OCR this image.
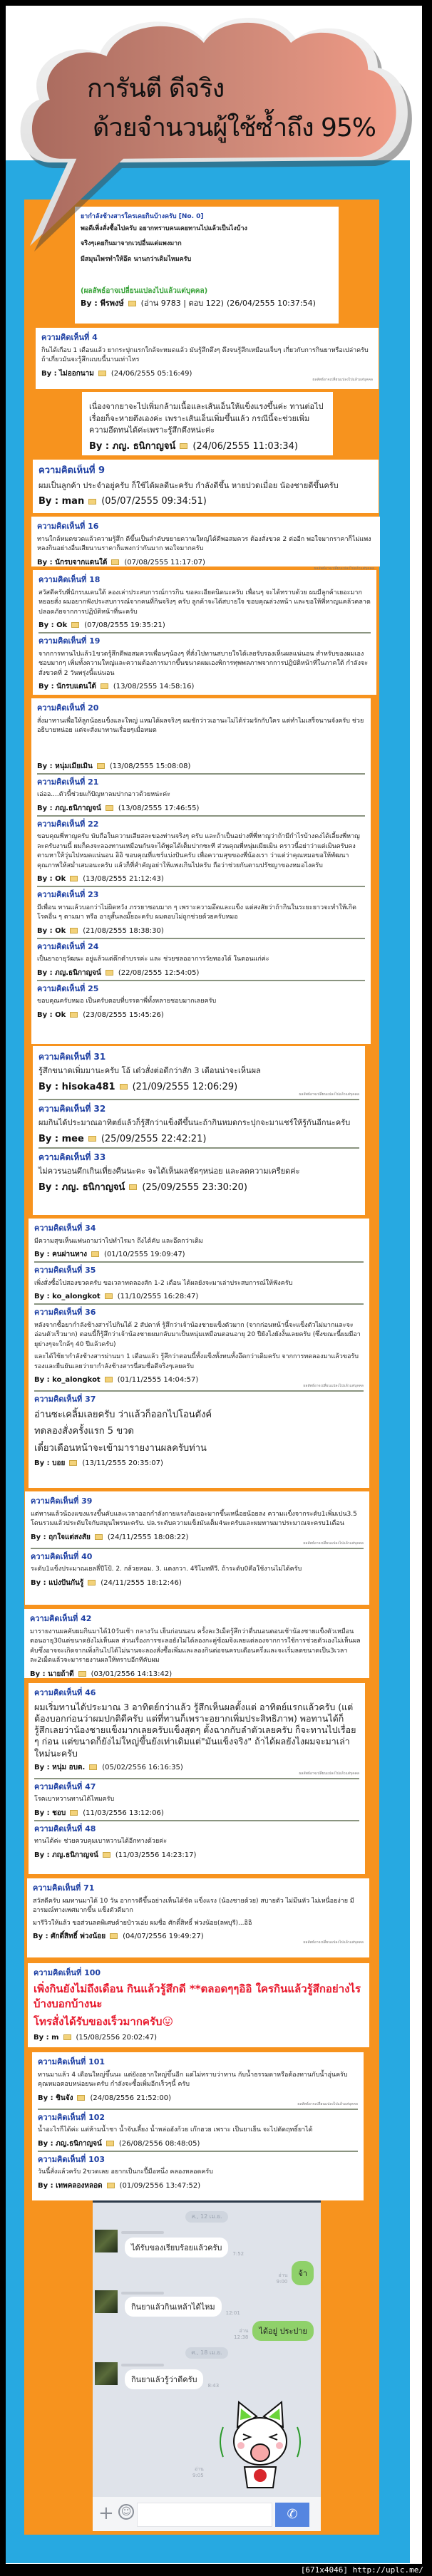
ยากำลังช้างสารใครเคยกินบ้างครับ [No. 0]

พอดีเพิ่งสั่งซื้อไปครับ อยากทราบคนเคยทานไปแล้วเป็นไงบ้าง

จริงๆเคยกินมาจากเวปอื่นแต่แพงมาก

มีสมุนไพรทำให้อึด นานกว่าเดิมไหมครับ

(ผลลัพธ์อาจเปลี่ยนแปลงไปแล้วแต่บุคคล)
By : พีรพงษ์ (อ่าน 9783 | ตอบ 122) (26/04/2555 10:37:54)
ความคิดเห็นที่ 4

กินได้เกือบ 1 เดือนแล้ว ยากระปุกแรกใกล้จะหมดแล้ว มันรู้สึกตึงๆ ตึงจนรู้สึกเหมือนเจ็บๆ เกี่ยวกับการกินยาหรือเปล่าครับ ถ้าเกี่ยวมันจะรู้สึกแบบนี้นานเท่าไหร

By : ไม่ออกนาม (24/06/2555 05:16:49)
ผลลัพธ์อาจเปลี่ยนแปลงไปแล้วแต่บุคคล

เนื่องจากยาจะไปเพิ่มกล้ามเนื้อและเส้นเอ็นให้แข็งแรงขึ้นค่ะ ทานต่อไปเรื่อยก็จะหายตึงเองค่ะ เพราะเส้นเอ็นเพิ่มขึ้นแล้ว กรณีนี้จะช่วยเพิ่มความอึดทนได้ค่ะเพราะรู้สึกตึงหน่ะค่ะ

By : ภญ. ธนิกาญจน์ (24/06/2555 11:03:34)
ความคิดเห็นที่ 9

ผมเป็นลูกค้า ประจำอยู่ครับ ก็ใช้ได้ผลดีนะครับ กำลังดีขึ้น หายปวดเมื่อย น้องชายดีขึ้นครับ

By : man (05/07/2555 09:34:51)
ความคิดเห็นที่ 16

ทานใกล้หมดขวดแล้วความรู้สึก ดีขึ้นเป็นลำดับขยายความใหญ่ได้ดีพอสมควร ต้องสั่งขวด 2 ต่ออีก พอใจมากราคาก็ไม่แพง หลงกินอย่างอื่นเสียนานราคาก็แพงกว่ากันมาก พอใจมากครับ

By : นักรบจากแดนใต้ (07/08/2555 11:17:07)
ผลลัพธ์อาจเปลี่ยนแปลงไปแล้วแต่บุคคล
ความคิดเห็นที่ 18

สวัสดีครับพี่นักรบแดนใต้ ลองเล่าประสบการณ์การกิน ขอละเอียดนิดนะครับ เพื่อนๆ จะได้ทราบด้วย ผมมีลูกค้าเยอะมาก หยอยสั่ง ผมอยากฟังประสบการณ์จากคนที่กินจริงๆ ครับ ลูกค้าจะได้สบายใจ ขอบคุณล่วงหน้า และขอให้พี่หาญแคล้วคลาดปลอดภัยจากการปฏิบัติหน้าที่นะครับ

By : Ok (07/08/2555 19:35:21)
ความคิดเห็นที่ 19

จากการทานไปแล้ว1ขวดรู้สึกดีพอสมควรเพื่อนๆน้องๆ ที่สั่งไปทานสบายใจได้เลยรับรองเห็นผลแน่นอน สำหรับของผมเองชอบมากๆ เพิ่มทั้งความใหญ่และความต้องการมากขึ้นขนาดผมเองพิการทุพพลภาพจากการปฏิบัติหน้าที่ในภาคใต้ กำลังจะสั่งขวดที่ 2 วันพรุ่งนี้แน่นอน

By : นักรบแดนใต้ (13/08/2555 14:58:16)
ความคิดเห็นที่ 20

สั่งมาทานเพื่อให้ลูกน้อยแข็งและใหญ่ แหมได้ผลจริงๆ ผมชักว่าวเอานะไม่ได้ร่วมรักกับใคร แต่ทำไมเสร็จนานจังครับ ช่วยอธิบายหน่อย แต่จะสั่งมาทานเรื่อยๆเมื่อหมด

By : หนุ่มเมียเมิน (13/08/2555 15:08:08)
ความคิดเห็นที่ 21

เอ่ออ....ตัวนี้ช่วยแก้ปัญหาลมปากอาวด้วยหน่ะค่ะ

By : ภญ.ธนิกาญจน์ (13/08/2555 17:46:55)
ความคิดเห็นที่ 22

ขอบคุณพี่หาญครับ นับถือในความเสียสละของท่านจริงๆ ครับ และถ้าเป็นอย่างที่พี่หาญว่าถ้ามีกำไรบ้างคงได้เลี้ยงพี่หาญละครับงานนี้ ผมก็คงจะลองทานเหมือนกันจะได้พูดได้เต็มปากซะที ส่วนคุณพี่หนุ่มเมียเมิน คราวนี้อย่าว่าแต่เมินครับคงตามหาให้วุ่นไปหมดแน่นอน อิอิ ขอบคุณที่แชร์แบ่งปันครับ เพื่อความสุขของพี่น้องเรา ว่าแต่ว่าคุณหมอขอให้พัฒนาคุณภาพให้สม่ำเสมอนะครับ แล้วก็ที่สำคัญอย่าให้แพงเกินไปครับ ถือว่าช่วยกันตามปรัชญาของหมอไงครับ

By : Ok (13/08/2555 21:12:43)
ความคิดเห็นที่ 23

มีเพื่อน ทานแล้วบอกว่าไม่ผิดหวัง ภรรยาชอบมาก ๆ เพราะความอึดและแข็ง แต่สงสัยว่าถ้ากินในระยะยาวจะทำให้เกิดโรคอื่น ๆ ตามมา หรือ อายุสั้นลงมั๊ยอะครับ ผมตอบไม่ถูกช่วยด้วยครับหมอ

By : Ok (21/08/2555 18:38:30)
ความคิดเห็นที่ 24

เป็นยาอายุวัฒนะ อยู่แล้วแต่ตึกตำบรรค่ะ และ ช่วยชลออาการวัยทองได้ ในตอนแก่ค่ะ

By : ภญ.ธนิกาญจน์ (22/08/2555 12:54:05)
ความคิดเห็นที่ 25

ขอบคุณครับหมอ เป็นครับตอบที่บรรดาพี่ทั้งหลายชอบมากเลยครับ

By : Ok (23/08/2555 15:45:26)
ความคิดเห็นที่ 31

รู้สึกขนาดเพิ่มมานะครับ โอ้ เด๋วสั่งต่อดีกว่าสัก 3 เดือนน่าจะเห็นผล

By : hisoka481 (21/09/2555 12:06:29)
ผลลัพธ์อาจเปลี่ยนแปลงไปแล้วแต่บุคคล
ความคิดเห็นที่ 32

ผมกินได้ประมาณอาทิตย์แล้วก็รู้สึกว่าแข็งดีขึ้นนะถ้ากินหมดกระปุกจะมาแชร์ให้รู้กันอีกนะครับ

By : mee (25/09/2555 22:42:21)
ความคิดเห็นที่ 33

ไม่ควรนอนดึกเกินเที่ยงคืนนะคะ จะได้เห็นผลชัดๆหน่อย และลดความเครียดค่ะ

By : ภญ. ธนิกาญจน์ (25/09/2555 23:30:20)
ความคิดเห็นที่ 34

มีความสุขเห็นแฟนถามว่าไปทำไรมา ถึงได้คับ และอึดกว่าเดิม

By : คนผ่านทาง (01/10/2555 19:09:47)
ความคิดเห็นที่ 35

เพิ่งสั่งซื้อไปสองขวดครับ ขอเวลาทดลองสัก 1-2 เดือน ได้ผลยังจะมาเล่าประสบการณ์ให้ฟังครับ

By : ko_alongkot (11/10/2555 16:28:47)
ความคิดเห็นที่ 36

หลังจากซื้อยากำลังช้างสารไปกินได้ 2 สัปดาห์ รู้สึกว่าเจ้าน้องชายแข็งตัวมาก (จากก่อนหน้านี้จะแข็งตัวไม่มากและจะอ่อนตัวเร็วมาก) ตอนนี้ก็รู้สึกว่าเจ้าน้องชายผมกลับมาเป็นหนุ่มเหมือนตอนอายุ 20 ปียังไงยังงั้นเลยครับ (ซึ่งขณะนี้ผมมีอายุย่างๆจะใกล้ๆ 40 ปีแล้วครับ)

และได้ใช้ยากำลังช้างสารผ่านมา 1 เดือนแล้ว รู้สึกว่าตอนนี้ทั้งแข็งทั้งทนทั้งอึดกว่าเดิมครับ จากการทดลองมาแล้วขอรับรองและยืนยันเลยว่ายากำลังช้างสารนี่สมชื่อดีจริงๆเลยครับ

By : ko_alongkot (01/11/2555 14:04:57)
ผลลัพธ์อาจเปลี่ยนแปลงไปแล้วแต่บุคคล
ความคิดเห็นที่ 37

อ่านซะเคลิ้มเลยครับ ว่าแล้วก็ออกไปโอนตังค์

ทดลองสั่งครั้งแรก 5 ขวด

เดี๋ยวเดือนหน้าจะเข้ามารายงานผลครับท่าน

By : บอย (13/11/2555 20:35:07)
ความคิดเห็นที่ 39

แต่ทานแล้วน้องแขงแรงขึ้นคับและเวลาออกกำลังกายแรงก้อเยอะมากขึ้นเหนื่อยน้อยลง ความแข็งจากระดับ1เพิ่มเปน3.5 โดนรวมแล้วประดับใจกับสมุนไพรนะครับ. ปล.ระดับความแข็งมันเต็ม4นะครับและผมทานมาประมาณจะครบ1เดือน

By : ฤกใจแต่สงสัย (24/11/2555 18:08:22)
ผลลัพธ์อาจเปลี่ยนแปลงไปแล้วแต่บุคคล
ความคิดเห็นที่ 40

ระดับ1แข็งประมาณเยลลี่ปีโป้. 2. กล้วยหอม. 3. แตงกวา. 4รีโมททีวี. ถ้าระดับ0คือใช้งานไม่ได้ครับ

By : แบ่งปันกันรู้ (24/11/2555 18:12:46)
ความคิดเห็นที่ 42

มารายงานผลคับผมกินมาได้10วันเช้า กลางวัน เย็นก่อนนอน ครั้งละ3เม็ดรู้สึกว่าตื่นนอนตอนเช้าน้องชายแข็งตัวเหมือนตอนอายุ30แต่ขนาดยังไม่เห็นผล ส่วนเรื่องการชะลอยังไม่ได้ลองกะคู่ซ้อมจิงเลยแต่ลองจากการใช้การช่วยตัวเองไม่เห็นผลคับซึ่งอาจจะเกิดจากเพิ่งกินไปได้ไม่นานจะลองสั่งซื้อเพิ่มและลองกินต่อจนครบเดือนครึ่งและจะเริ่มลดขนาดเป็น3เวลาละ2เม็ดแล้วจะมารายงานผลให้ทราบอีกทีคับผม

By : นายถ้าดี (03/01/2556 14:13:42)
ความคิดเห็นที่ 46

ผมเริ่มทานได้ประมาณ 3 อาทิตย์กว่าแล้ว รู้สึกเห็นผลตั้งแต่ อาทิตย์แรกแล้วครับ (แต่ต้องบอกก่อนว่าผมปกติดีครับ แต่ที่ทานก็เพราะอยากเพิ่มประสิทธิภาพ) พอทานได้ก็รู้สึกเลยว่าน้องชายแข็งมากเลยครับแข็งสุดๆ ตั้งฉากกับลำตัวเลยครับ ก็จะทานไปเรื่อย ๆ ก่อน แต่ขนาดก็ยังไม่ใหญ่ขึ้นยังเท่าเดิมแต่"มันแข็งจริง" ถ้าได้ผลยังไงผมจะมาเล่าใหม่นะครับ

By : หนุ่ม อบต. (05/02/2556 16:16:35)
ผลลัพธ์อาจเปลี่ยนแปลงไปแล้วแต่บุคคล
ความคิดเห็นที่ 47

โรคเบาหวานทานได้ไหมครับ

By : ชอบ (11/03/2556 13:12:06)
ความคิดเห็นที่ 48

ทานได้ค่ะ ช่วยควบคุมเบาหวานได้อีกทางด้วยค่ะ

By : ภญ.ธนิกาญจน์ (11/03/2556 14:23:17)
ความคิดเห็นที่ 71

สวัสดีครับ ผมทานมาได้ 10 วัน อาการดีขึ้นอย่างเห็นได้ชัด แข็งแรง (น้องชายด้วย) สบายตัว ไม่มึนหัว ไม่เหนื่อยง่าย มีอารมณ์ทางเพศมากขึ้น แข็งตัวดีมาก

มารีวิวให้แล้ว ขอส่วนลดพิเศษด้ายป๋าวเอ่ย ผมชื่อ ศักดิ์สิทธิ์ พ่วงน้อย(ลพบุรี)...อิอิ

By : ศักดิ์สิทธิ์ พ่วงน้อย (04/07/2556 19:49:27)
ผลลัพธ์อาจเปลี่ยนแปลงไปแล้วแต่บุคคล
ความคิดเห็นที่ 100

เพิ่งกินยังไม่ถึงเดือน กินแล้วรู้สึกดี **ตลอดๆๆอิอิ ใครกินแล้วรู้สึกอย่างไรบ้างบอกบ้างนะ

โทรสั่งได้รับของเร็วมากครับ😛

By : m (15/08/2556 20:02:47)
ความคิดเห็นที่ 101

ทานมาแล้ว 4 เดือนใหญ่ขึ้นนะ แต่ยังอยากใหญ่ขึ้นอีก แต่ไม่ทราบว่าทาน กับน้ำธรรมดาหรือต้องทานกับน้ำอุ่นครับ คุณหมอตอบหน่อยนะครับ กำลังจะซื้อเพิ่มอีกเร็วๆนี้ ครับ

By : ชินจัง (24/08/2556 21:52:00)
ผลลัพธ์อาจเปลี่ยนแปลงไปแล้วแต่บุคคล
ความคิดเห็นที่ 102

น้ำอะไรก็ได้ค่ะ แต่ห้ามน้ำชา น้ำจับเลี้ยง น้ำหล่อฮังก้วย เก๊กฮวย เพราะ เป็นยาเย็น จะไปตัดฤทธิ์ยาได้

By : ภญ.ธนิกาญจน์ (26/08/2556 08:48:05)
ความคิดเห็นที่ 103

วันนี้สั่งแล้วครับ 2ขวดเลย อยากเป็นกะปี้มือหนึ่ง คลองหลอดครับ

By : เทพคลองหลอด (01/09/2556 13:47:52)
การันตี ดีจริง
ด้วยจำนวนผู้ใช้ซ้ำถึง 95%
ส., 12 เม.ย.
ได้รับของเรียบร้อยแล้วครับ
7:52
อ่าน
9:00
จ้า
กินยาแล้วกินเหล้าได้ไหม
12:01
อ่าน
12:38
ได้อยู่ ประปาย
ศ., 18 เม.ย.
กินยาแล้วรู้ว่าดีครับ
8:43
อ่าน
9:05
+ ☺	✆
[671x4046] http://uplc.me/
